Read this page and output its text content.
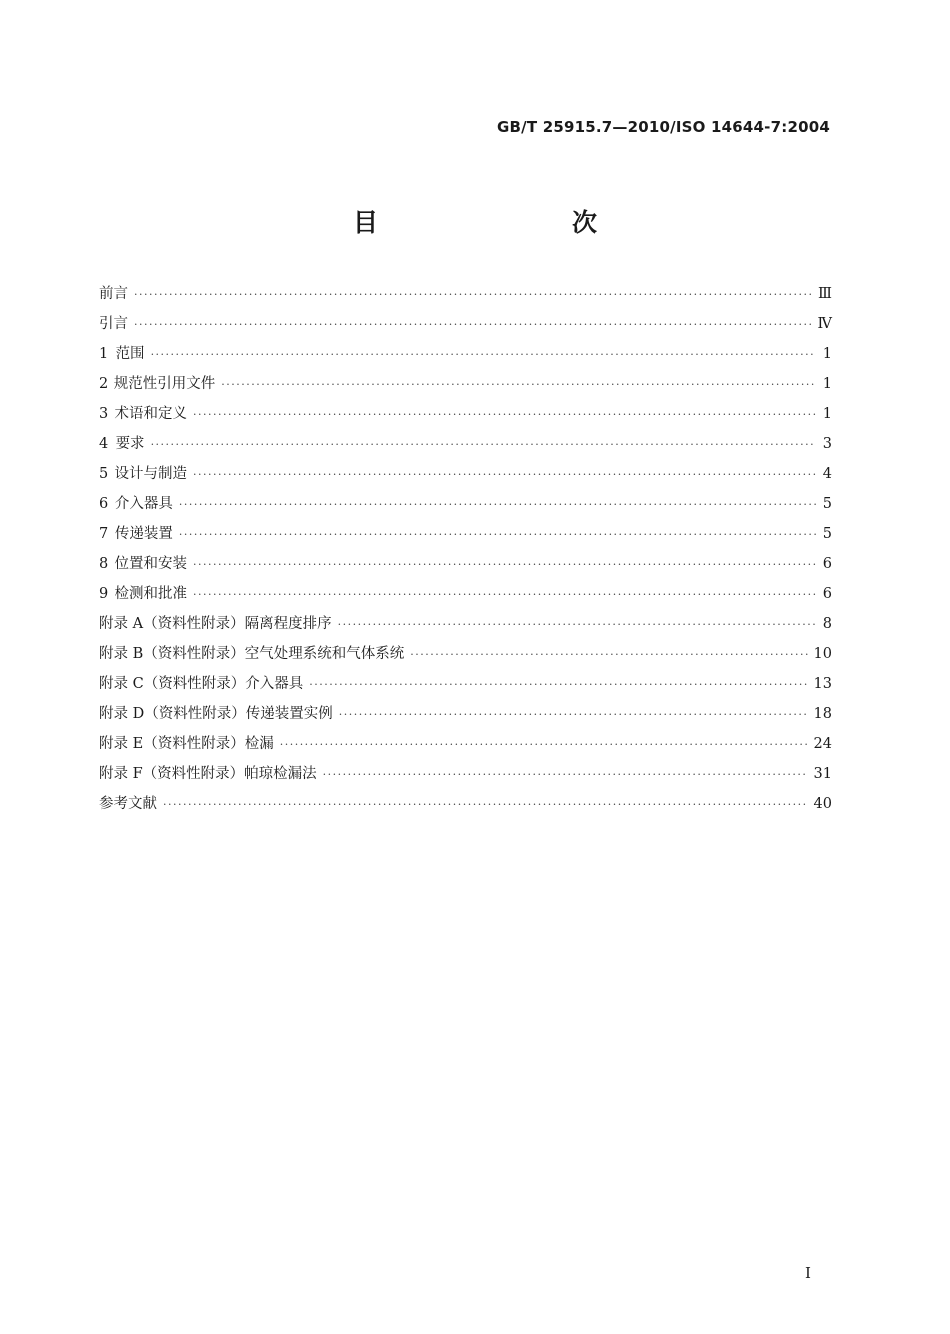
GB/T 25915.7—2010/ISO 14644-7:2004
目　　次
前言 ·····	Ⅲ
引言 ·····	Ⅳ
1 范围 ·····	1
2 规范性引用文件 ·····	1
3 术语和定义 ·····	1
4 要求 ·····	3
5 设计与制造 ·····	4
6 介入器具 ·····	5
7 传递装置 ·····	5
8 位置和安装 ·····	6
9 检测和批准 ·····	6
附录 A（资料性附录） 隔离程度排序 ·····	8
附录 B（资料性附录） 空气处理系统和气体系统 ·····	10
附录 C（资料性附录） 介入器具 ·····	13
附录 D（资料性附录） 传递装置实例 ·····	18
附录 E（资料性附录） 检漏 ·····	24
附录 F（资料性附录） 帕琼检漏法 ·····	31
参考文献 ·····	40
Ⅰ
